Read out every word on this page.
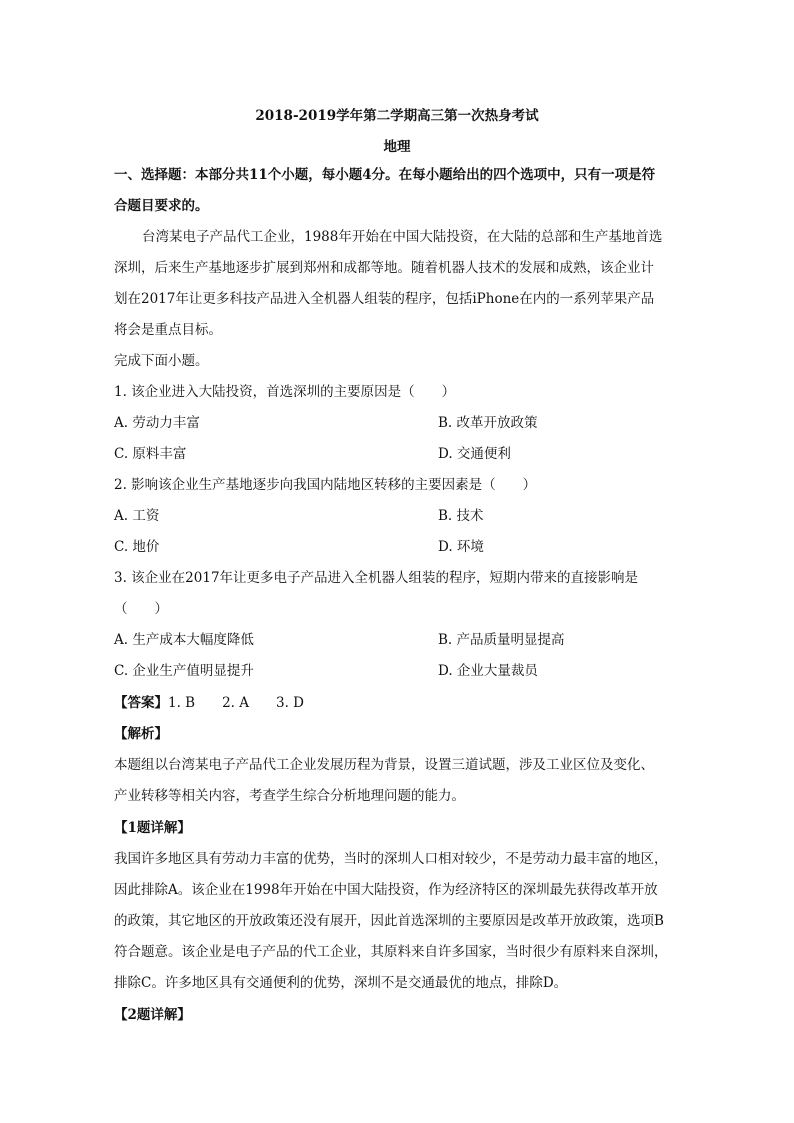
2018-2019学年第二学期高三第一次热身考试
地理
一、选择题：本部分共11个小题，每小题4分。在每小题给出的四个选项中，只有一项是符
合题目要求的。
台湾某电子产品代工企业，1988年开始在中国大陆投资，在大陆的总部和生产基地首选
深圳，后来生产基地逐步扩展到郑州和成都等地。随着机器人技术的发展和成熟，该企业计
划在2017年让更多科技产品进入全机器人组装的程序，包括iPhone在内的一系列苹果产品
将会是重点目标。
完成下面小题。
1. 该企业进入大陆投资，首选深圳的主要原因是（　　）
A. 劳动力丰富	B. 改革开放政策
C. 原料丰富	D. 交通便利
2. 影响该企业生产基地逐步向我国内陆地区转移的主要因素是（　　）
A. 工资	B. 技术
C. 地价	D. 环境
3. 该企业在2017年让更多电子产品进入全机器人组装的程序，短期内带来的直接影响是
（　　）
A. 生产成本大幅度降低	B. 产品质量明显提高
C. 企业生产值明显提升	D. 企业大量裁员
【答案】1. B　　2. A　　3. D
【解析】
本题组以台湾某电子产品代工企业发展历程为背景，设置三道试题，涉及工业区位及变化、
产业转移等相关内容，考查学生综合分析地理问题的能力。
【1题详解】
我国许多地区具有劳动力丰富的优势，当时的深圳人口相对较少，不是劳动力最丰富的地区，
因此排除A。该企业在1998年开始在中国大陆投资，作为经济特区的深圳最先获得改革开放
的政策，其它地区的开放政策还没有展开，因此首选深圳的主要原因是改革开放政策，选项B
符合题意。该企业是电子产品的代工企业，其原料来自许多国家，当时很少有原料来自深圳，
排除C。许多地区具有交通便利的优势，深圳不是交通最优的地点，排除D。
【2题详解】
